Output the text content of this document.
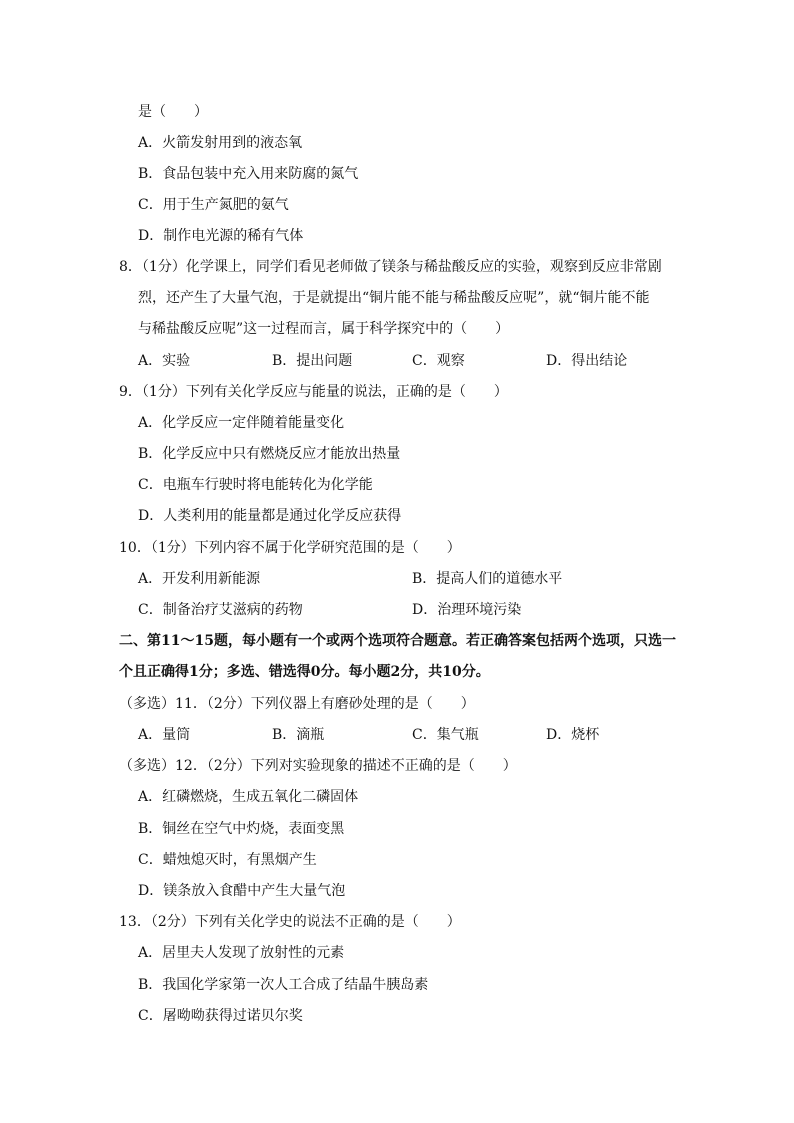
是（　　）
A．火箭发射用到的液态氧
B．食品包装中充入用来防腐的氮气
C．用于生产氮肥的氨气
D．制作电光源的稀有气体
8．（1分）化学课上，同学们看见老师做了镁条与稀盐酸反应的实验，观察到反应非常剧
烈，还产生了大量气泡，于是就提出“铜片能不能与稀盐酸反应呢”，就“铜片能不能
与稀盐酸反应呢”这一过程而言，属于科学探究中的（　　）
A．实验	B．提出问题	C．观察	D．得出结论
9．（1分）下列有关化学反应与能量的说法，正确的是（　　）
A．化学反应一定伴随着能量变化
B．化学反应中只有燃烧反应才能放出热量
C．电瓶车行驶时将电能转化为化学能
D．人类利用的能量都是通过化学反应获得
10．（1分）下列内容不属于化学研究范围的是（　　）
A．开发利用新能源	B．提高人们的道德水平
C．制备治疗艾滋病的药物	D．治理环境污染
二、第11～15题，每小题有一个或两个选项符合题意。若正确答案包括两个选项，只选一
个且正确得1分；多选、错选得0分。每小题2分，共10分。
（多选）11．（2分）下列仪器上有磨砂处理的是（　　）
A．量筒	B．滴瓶	C．集气瓶	D．烧杯
（多选）12．（2分）下列对实验现象的描述不正确的是（　　）
A．红磷燃烧，生成五氧化二磷固体
B．铜丝在空气中灼烧，表面变黑
C．蜡烛熄灭时，有黑烟产生
D．镁条放入食醋中产生大量气泡
13．（2分）下列有关化学史的说法不正确的是（　　）
A．居里夫人发现了放射性的元素
B．我国化学家第一次人工合成了结晶牛胰岛素
C．屠呦呦获得过诺贝尔奖
